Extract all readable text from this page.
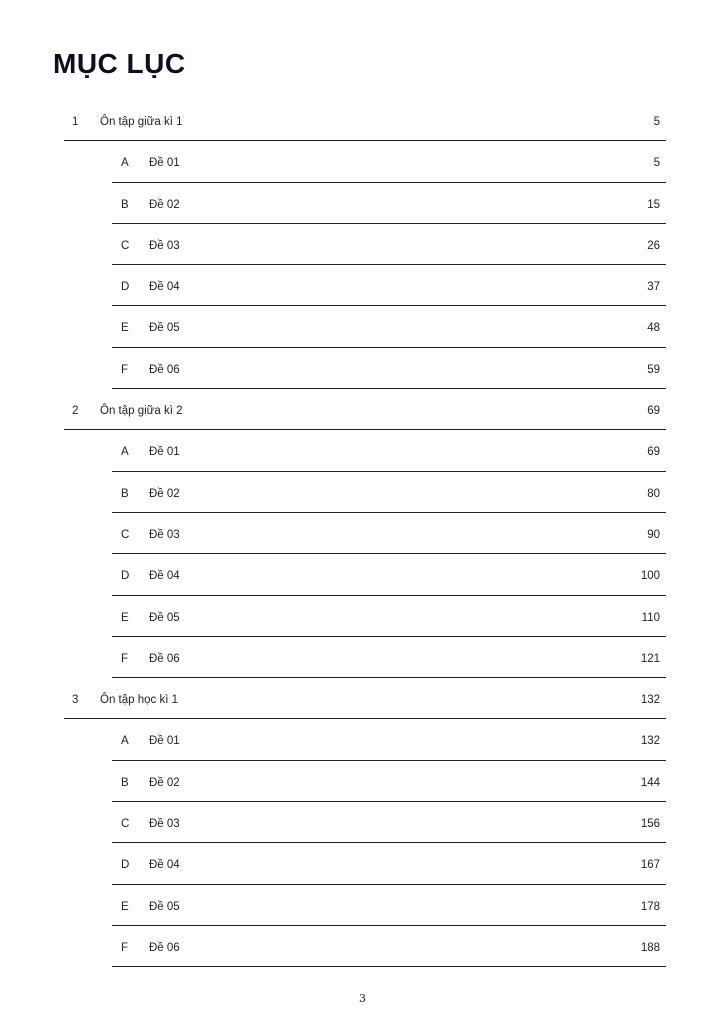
MỤC LỤC
1 Ôn tập giữa kì 1	5
A Đề 01	5
B Đề 02	15
C Đề 03	26
D Đề 04	37
E Đề 05	48
F Đề 06	59
2 Ôn tập giữa kì 2	69
A Đề 01	69
B Đề 02	80
C Đề 03	90
D Đề 04	100
E Đề 05	110
F Đề 06	121
3 Ôn tập học kì 1	132
A Đề 01	132
B Đề 02	144
C Đề 03	156
D Đề 04	167
E Đề 05	178
F Đề 06	188
3
